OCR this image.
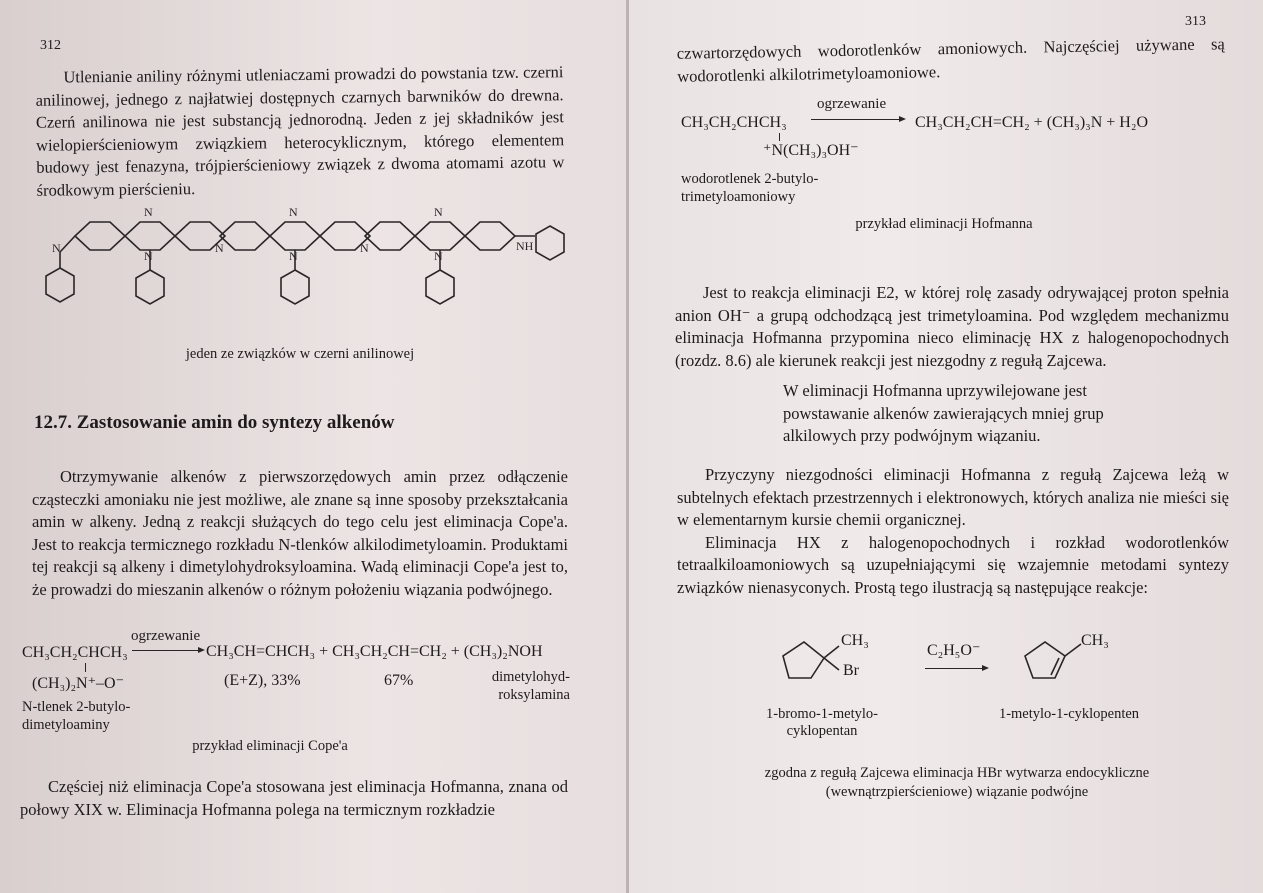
312

Utlenianie aniliny różnymi utleniaczami prowadzi do powstania tzw. czerni anilinowej, jednego z najłatwiej dostępnych czarnych barwników do drewna. Czerń anilinowa nie jest substancją jednorodną. Jeden z jej składników jest wielopierścieniowym związkiem heterocyklicznym, którego elementem budowy jest fenazyna, trójpierścieniowy związek z dwoma atomami azotu w środkowym pierścieniu.

N
N
N
N
N
N
N
N
N
NH
jeden ze związków w czerni anilinowej
12.7. Zastosowanie amin do syntezy alkenów

Otrzymywanie alkenów z pierwszorzędowych amin przez odłączenie cząsteczki amoniaku nie jest możliwe, ale znane są inne sposoby przekształcania amin w alkeny. Jedną z reakcji służących do tego celu jest eliminacja Cope'a. Jest to reakcja termicznego rozkładu N-tlenków alkilodimetyloamin. Produktami tej reakcji są alkeny i dimetylohydroksyloamina. Wadą eliminacji Cope'a jest to, że prowadzi do mieszanin alkenów o różnym położeniu wiązania podwójnego.

CH₃CH₂CHCH₃
(CH₃)₂N⁺–O⁻
ogrzewanie
CH₃CH=CHCH₃ + CH₃CH₂CH=CH₂ + (CH₃)₂NOH
(E+Z), 33%	67%	dimetylohyd-
roksylamina
N-tlenek 2-butylo-
dimetyloaminy
przykład eliminacji Cope'a

Częściej niż eliminacja Cope'a stosowana jest eliminacja Hofmanna, znana od połowy XIX w. Eliminacja Hofmanna polega na termicznym rozkładzie

313

czwartorzędowych wodorotlenków amoniowych. Najczęściej używane są wodorotlenki alkilotrimetyloamoniowe.

CH₃CH₂CHCH₃
⁺N(CH₃)₃OH⁻
ogrzewanie
CH₃CH₂CH=CH₂ + (CH₃)₃N + H₂O
wodorotlenek 2-butylo-
trimetyloamoniowy
przykład eliminacji Hofmanna

Jest to reakcja eliminacji E2, w której rolę zasady odrywającej proton spełnia anion OH⁻ a grupą odchodzącą jest trimetyloamina. Pod względem mechanizmu eliminacja Hofmanna przypomina nieco eliminację HX z halogenopochodnych (rozdz. 8.6) ale kierunek reakcji jest niezgodny z regułą Zajcewa.

W eliminacji Hofmanna uprzywilejowane jest powstawanie alkenów zawierających mniej grup alkilowych przy podwójnym wiązaniu.

Przyczyny niezgodności eliminacji Hofmanna z regułą Zajcewa leżą w subtelnych efektach przestrzennych i elektronowych, których analiza nie mieści się w elementarnym kursie chemii organicznej.

Eliminacja HX z halogenopochodnych i rozkład wodorotlenków tetraalkiloamoniowych są uzupełniającymi się wzajemnie metodami syntezy związków nienasyconych. Prostą tego ilustracją są następujące reakcje:

CH₃
Br
C₂H₅O⁻
CH₃
1-bromo-1-metylo-
cyklopentan
1-metylo-1-cyklopenten
zgodna z regułą Zajcewa eliminacja HBr wytwarza endocykliczne
(wewnątrzpierścieniowe) wiązanie podwójne
